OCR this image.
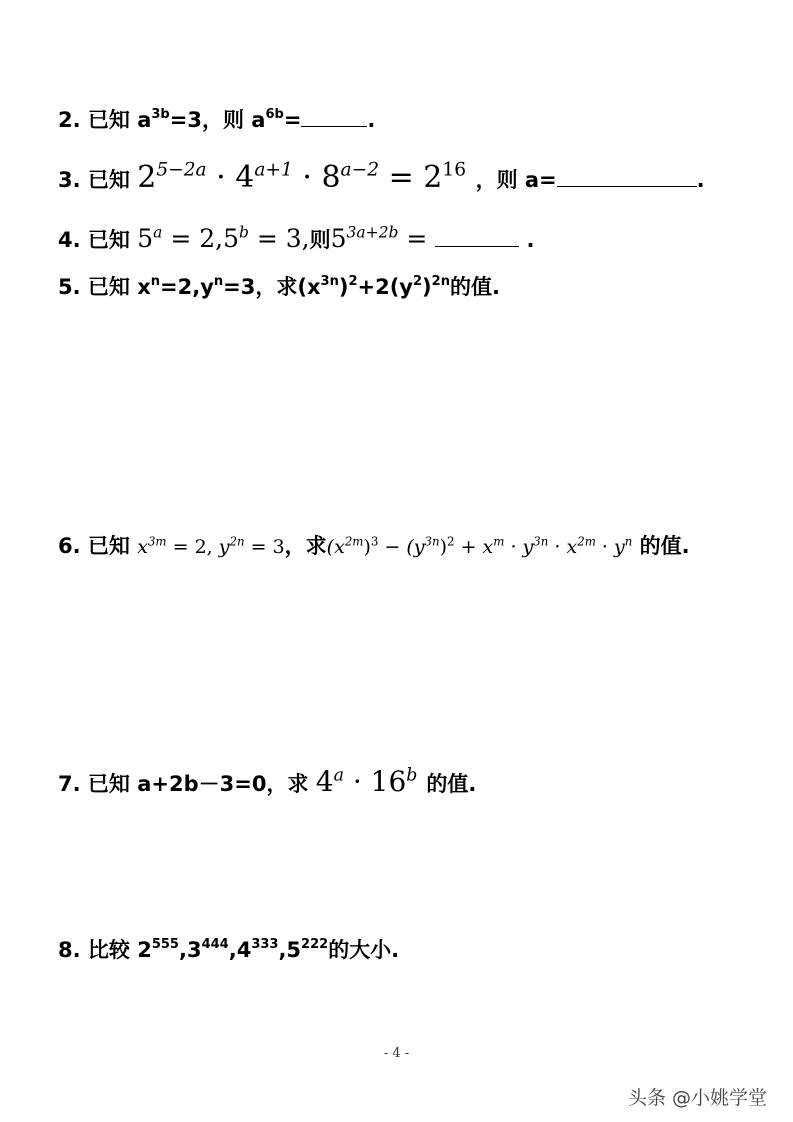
2. 已知 $a^{3b}=3$，则 $a^{6b}=$	.
3. 已知 $2^{5-2a} \cdot 4^{a+1} \cdot 8^{a-2} = 2^{16}$ ，则 a=	.
4. 已知 $5^a = 2,5^b = 3$,则$5^{3a+2b}$ =	.
5. 已知 $x^n=2,y^n=3$，求$(x^{3n})^2+2(y^2)^{2n}$的值.
6. 已知 $x^{3m} = 2$, $y^{2n} = 3$，求$(x^{2m})^3 - (y^{3n})^2 + x^m \cdot y^{3n} \cdot x^{2m} \cdot y^n$ 的值.
7. 已知 a+2b－3=0，求 $4^a \cdot 16^b$ 的值.
8. 比较 $2^{555},3^{444},4^{333},5^{222}$的大小.
- 4 -
头条 @小姚学堂
